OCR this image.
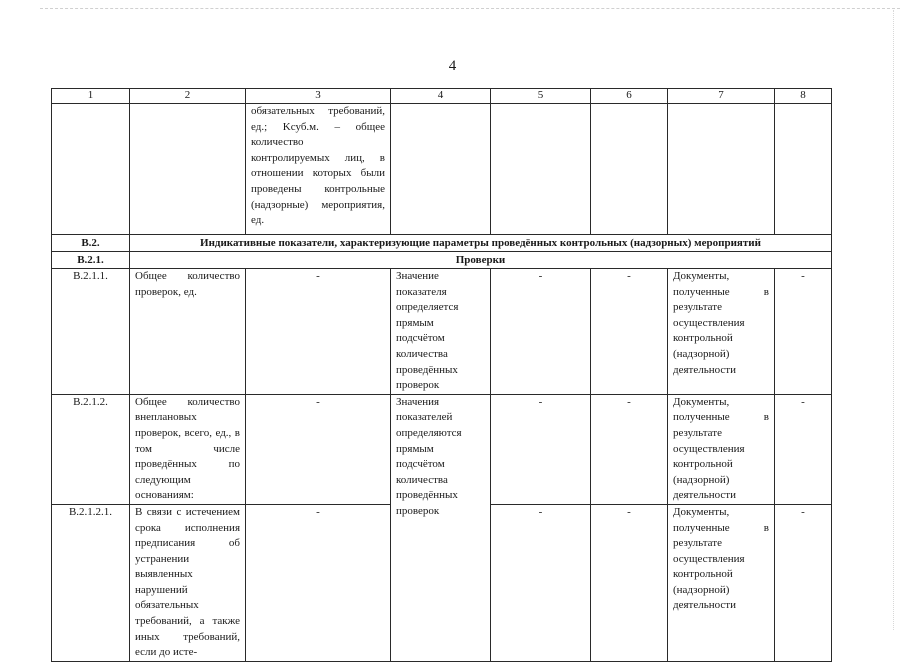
4
1	2	3	4	5	6	7	8
		обязательных требований, ед.; Kсуб.м. – общее количество контролируемых лиц, в отношении которых были проведены контрольные (надзорные) мероприятия, ед.					
В.2.	Индикативные показатели, характеризующие параметры проведённых контрольных (надзорных) мероприятий						
В.2.1.	Проверки						
В.2.1.1.	Общее количество проверок, ед.	-	Значение показателя определяется прямым подсчётом количества проведённых проверок	-	-	Документы, полученные в результате осуществления контрольной (надзорной) деятельности	-
В.2.1.2.	Общее количество внеплановых проверок, всего, ед., в том числе проведённых по следующим основаниям:	-	Значения показателей определяются прямым подсчётом количества проведённых проверок	-	-	Документы, полученные в результате осуществления контрольной (надзорной) деятельности	-
В.2.1.2.1.	В связи с истечением срока исполнения предписания об устранении выявленных нарушений обязательных требований, а также иных требований, если до исте-	-		-	-	Документы, полученные в результате осуществления контрольной (надзорной) деятельности	-
